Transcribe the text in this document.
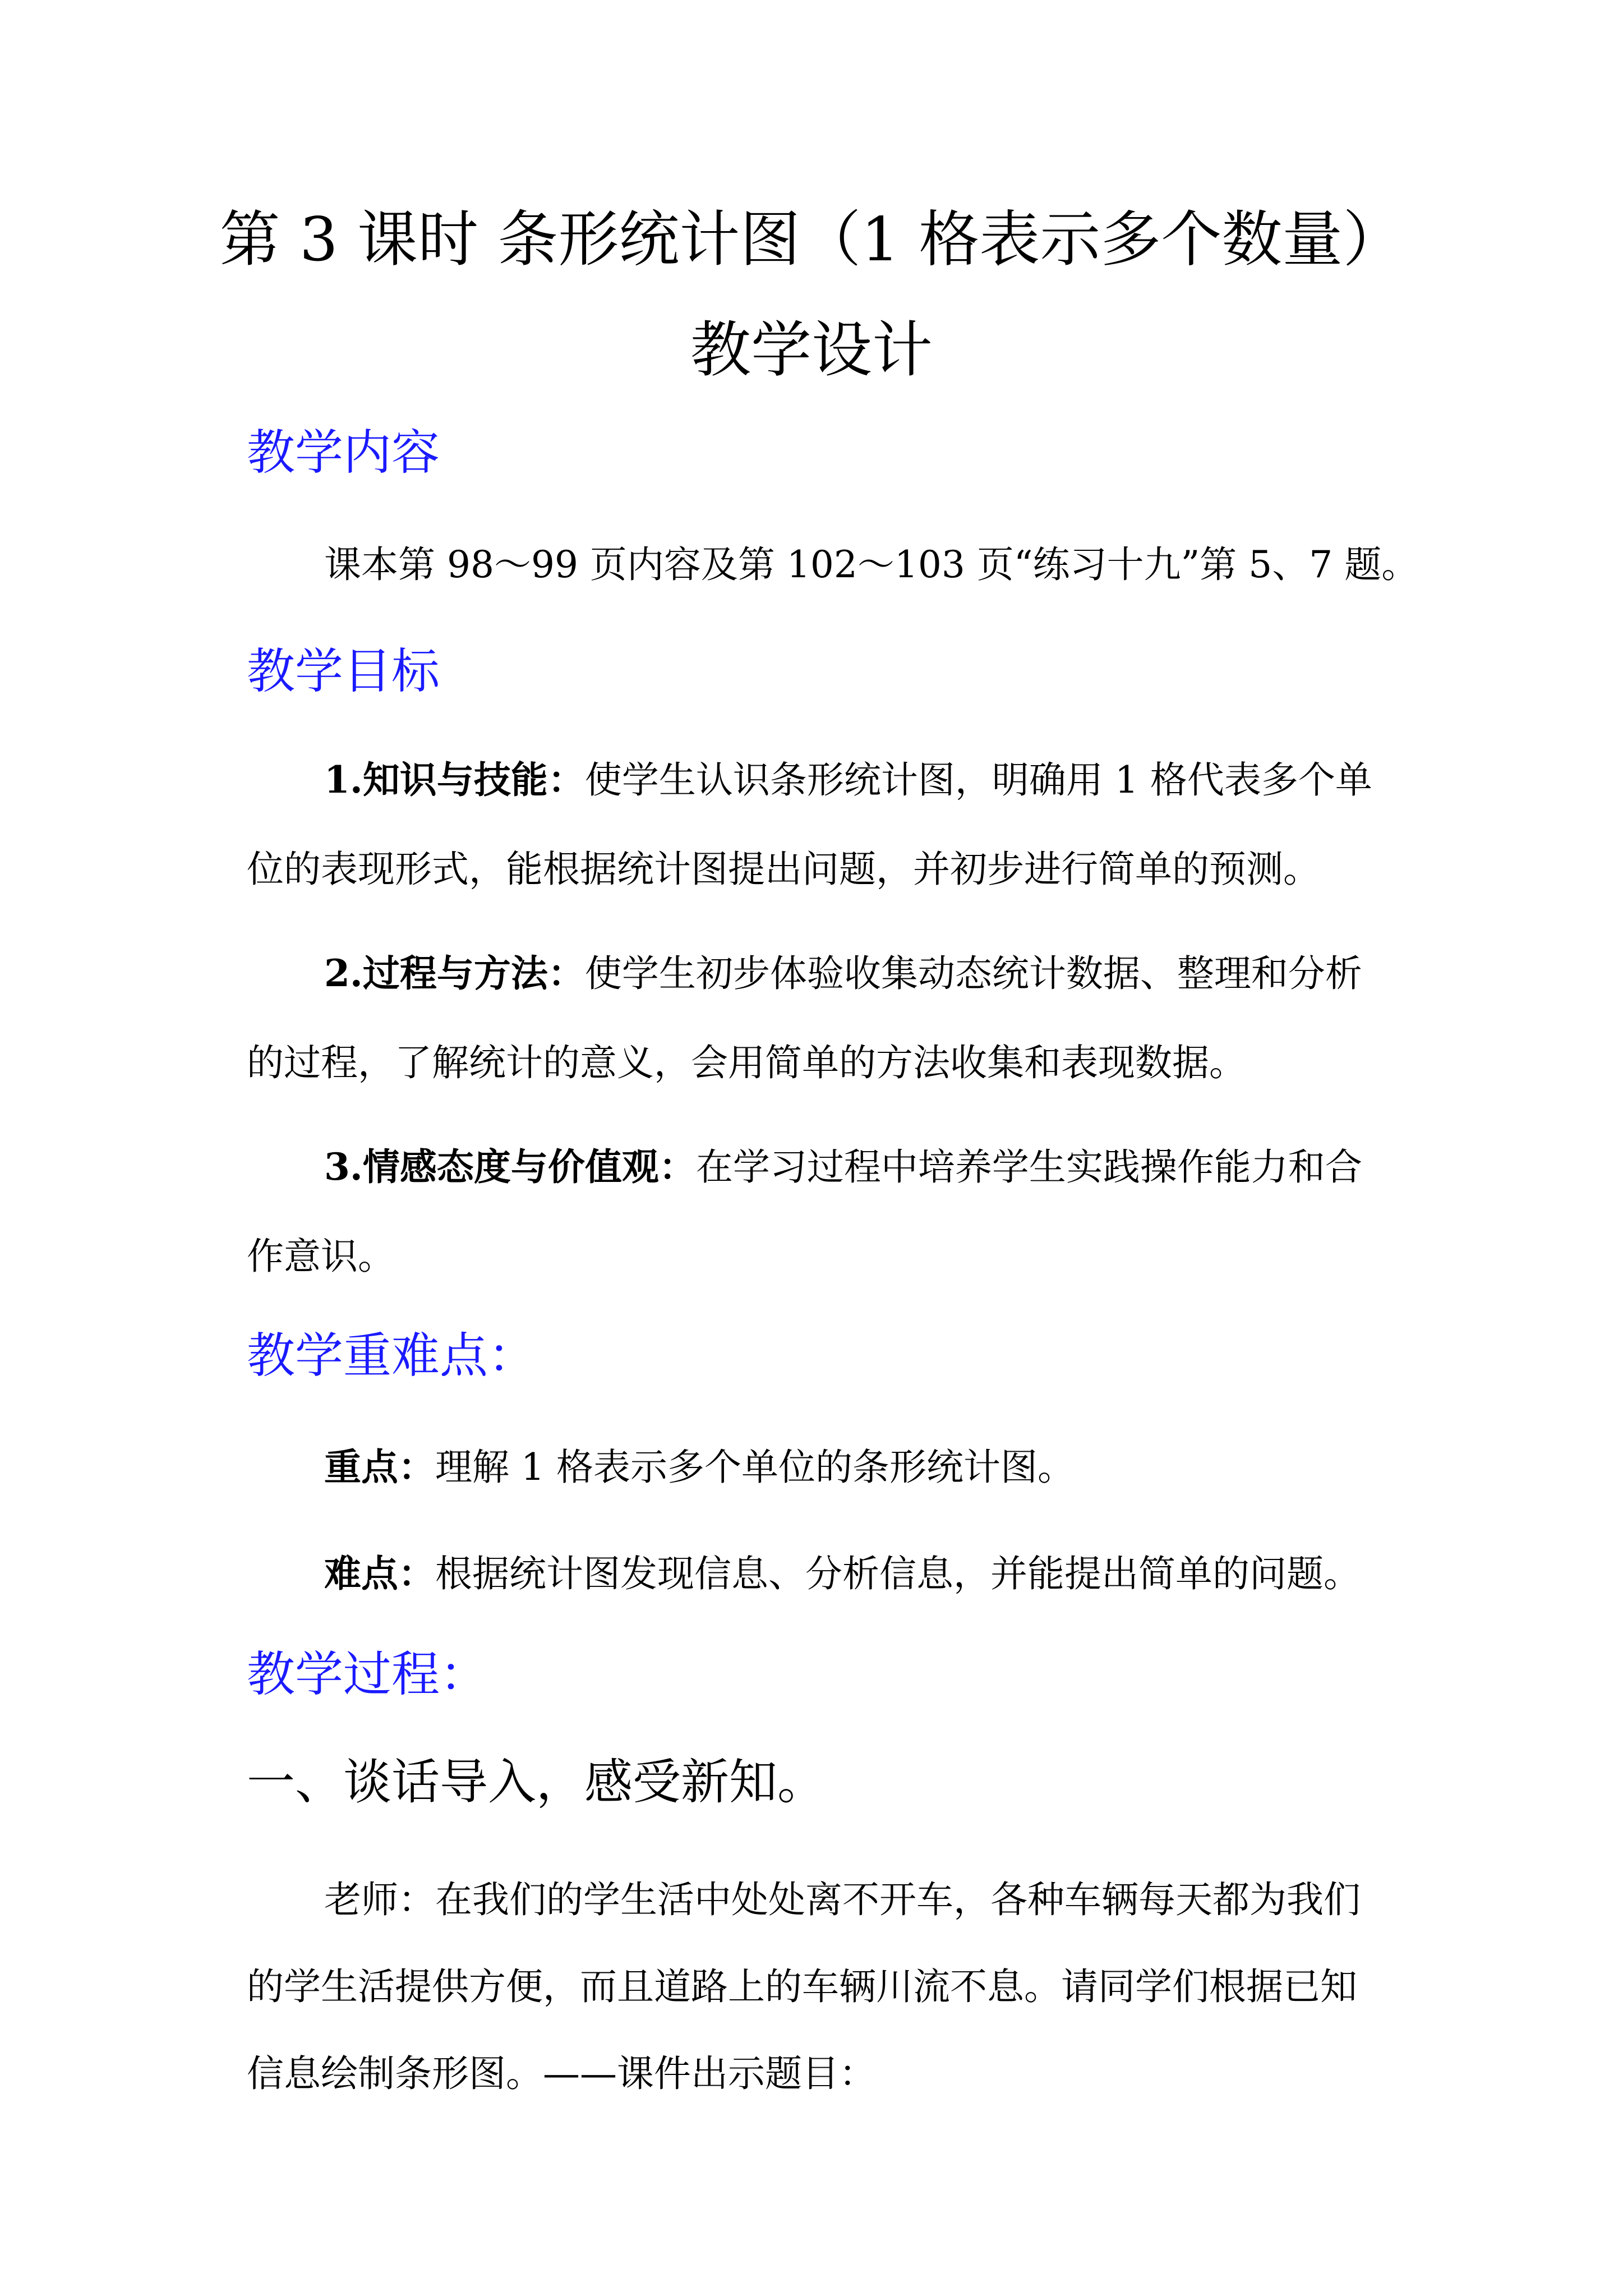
第 3 课时 条形统计图（1 格表示多个数量）
教学设计
教学内容
课本第 98～99 页内容及第 102～103 页“练习十九”第 5、7 题。
教学目标
1.知识与技能：使学生认识条形统计图，明确用 1 格代表多个单
位的表现形式，能根据统计图提出问题，并初步进行简单的预测。
2.过程与方法：使学生初步体验收集动态统计数据、整理和分析
的过程，了解统计的意义，会用简单的方法收集和表现数据。
3.情感态度与价值观：在学习过程中培养学生实践操作能力和合
作意识。
教学重难点：
重点：理解 1 格表示多个单位的条形统计图。
难点：根据统计图发现信息、分析信息，并能提出简单的问题。
教学过程：
一、谈话导入，感受新知。
老师：在我们的学生活中处处离不开车，各种车辆每天都为我们
的学生活提供方便，而且道路上的车辆川流不息。请同学们根据已知
信息绘制条形图。——课件出示题目：
